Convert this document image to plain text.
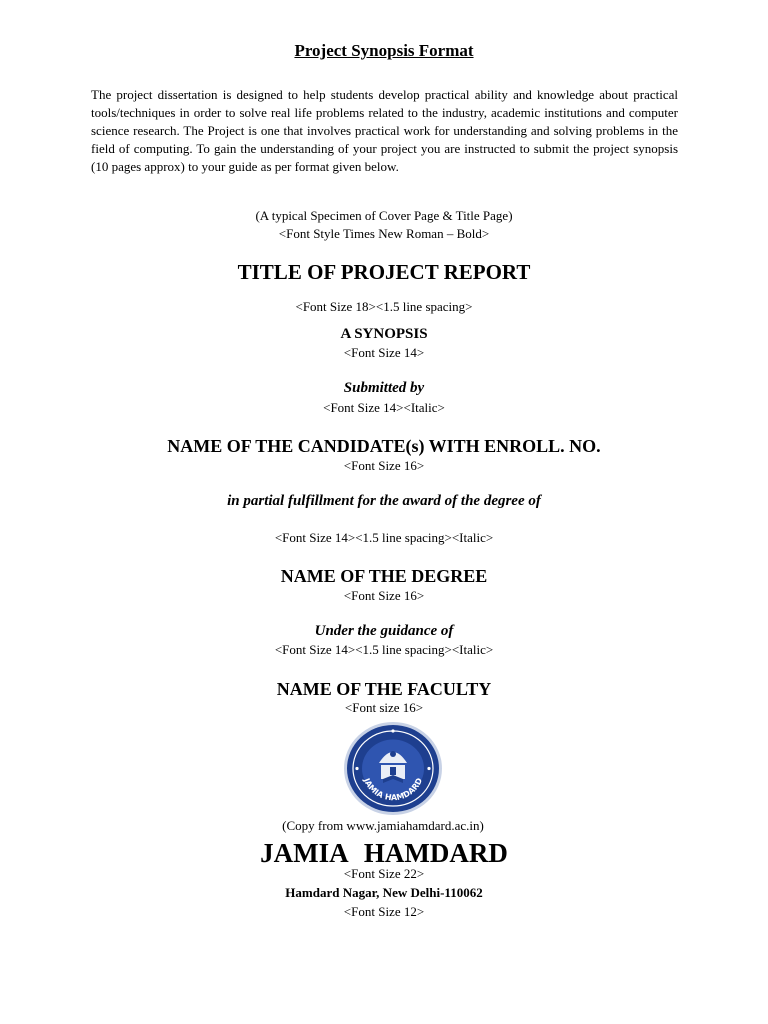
Project Synopsis Format

The project dissertation is designed to help students develop practical ability and knowledge about practical tools/techniques in order to solve real life problems related to the industry, academic institutions and computer science research. The Project is one that involves practical work for understanding and solving problems in the field of computing. To gain the understanding of your project you are instructed to submit the project synopsis (10 pages approx) to your guide as per format given below.

(A typical Specimen of Cover Page & Title Page)
<Font Style Times New Roman – Bold>
TITLE OF PROJECT REPORT
<Font Size 18><1.5 line spacing>
A SYNOPSIS
<Font Size 14>
Submitted by
<Font Size 14><Italic>
NAME OF THE CANDIDATE(s) WITH ENROLL. NO.
<Font Size 16>
in partial fulfillment for the award of the degree of
<Font Size 14><1.5 line spacing><Italic>
NAME OF THE DEGREE
<Font Size 16>
Under the guidance of
<Font Size 14><1.5 line spacing><Italic>
NAME OF THE FACULTY
<Font size 16>
JAMIA HAMDARD
(Copy from www.jamiahamdard.ac.in)
JAMIA HAMDARD
<Font Size 22>
Hamdard Nagar, New Delhi-110062
<Font Size 12>
